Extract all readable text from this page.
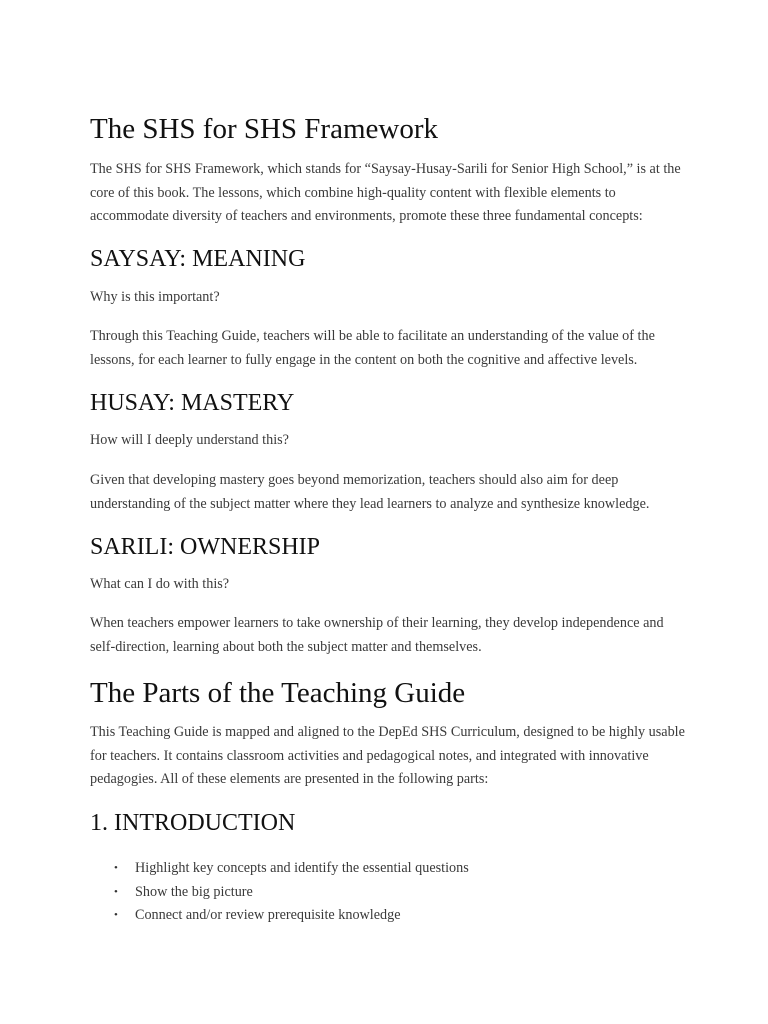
The SHS for SHS Framework

The SHS for SHS Framework, which stands for “Saysay-Husay-Sarili for Senior High School,” is at the core of this book. The lessons, which combine high-quality content with flexible elements to accommodate diversity of teachers and environments, promote these three fundamental concepts:

SAYSAY: MEANING

Why is this important?

Through this Teaching Guide, teachers will be able to facilitate an understanding of the value of the lessons, for each learner to fully engage in the content on both the cognitive and affective levels.

HUSAY: MASTERY

How will I deeply understand this?

Given that developing mastery goes beyond memorization, teachers should also aim for deep understanding of the subject matter where they lead learners to analyze and synthesize knowledge.

SARILI: OWNERSHIP

What can I do with this?

When teachers empower learners to take ownership of their learning, they develop independence and self-direction, learning about both the subject matter and themselves.

The Parts of the Teaching Guide

This Teaching Guide is mapped and aligned to the DepEd SHS Curriculum, designed to be highly usable for teachers. It contains classroom activities and pedagogical notes, and integrated with innovative pedagogies. All of these elements are presented in the following parts:

1. INTRODUCTION
• Highlight key concepts and identify the essential questions
• Show the big picture
• Connect and/or review prerequisite knowledge
